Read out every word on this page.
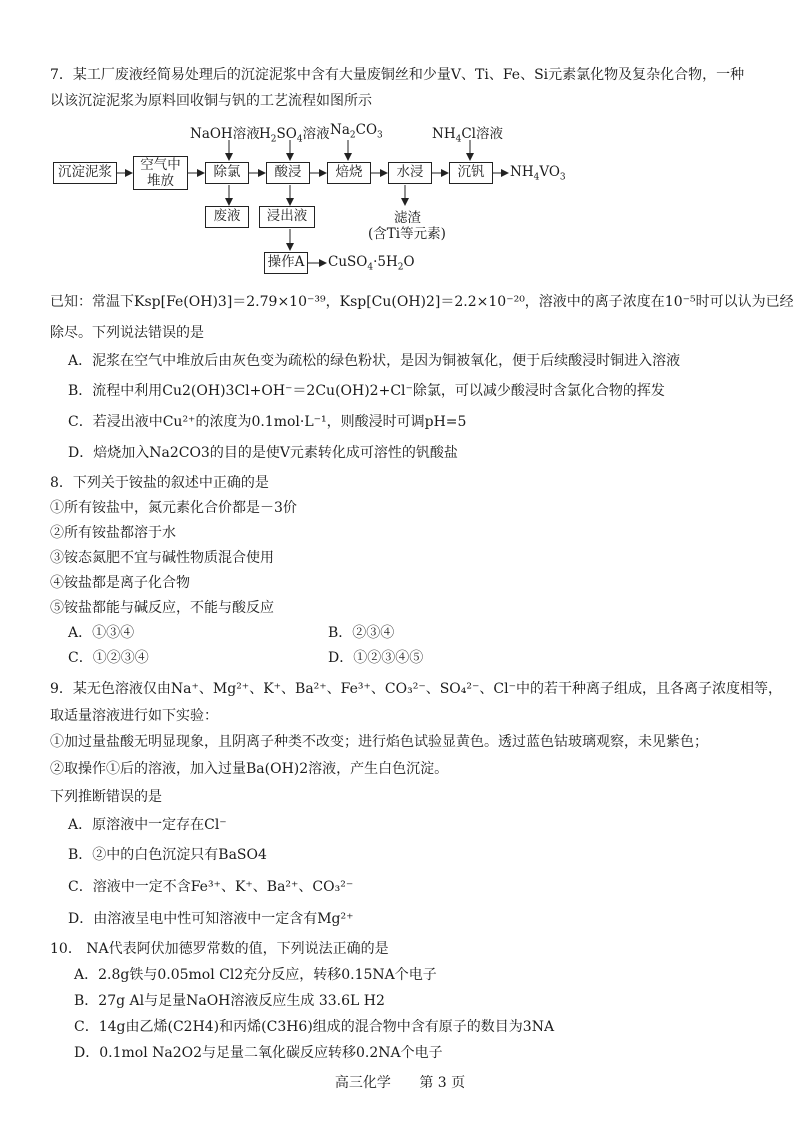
7．某工厂废液经简易处理后的沉淀泥浆中含有大量废铜丝和少量V、Ti、Fe、Si元素氯化物及复杂化合物，一种
以该沉淀泥浆为原料回收铜与钒的工艺流程如图所示
沉淀泥浆	空气中
堆放
除氯	酸浸	焙烧	水浸	沉钒	$NH_4VO_3$
废液	浸出液
操作A $CuSO_4\cdot 5H_2O$
NaOH溶液 $H_2SO_4$溶液 $Na_2CO_3$	$NH_4Cl$溶液
滤渣
(含Ti等元素)
已知：常温下Ksp[Fe(OH)3]＝2.79×10⁻³⁹，Ksp[Cu(OH)2]＝2.2×10⁻²⁰，溶液中的离子浓度在10⁻⁵时可以认为已经
除尽。下列说法错误的是
A．泥浆在空气中堆放后由灰色变为疏松的绿色粉状，是因为铜被氧化，便于后续酸浸时铜进入溶液
B．流程中利用Cu2(OH)3Cl+OH⁻＝2Cu(OH)2+Cl⁻除氯，可以减少酸浸时含氯化合物的挥发
C．若浸出液中Cu²⁺的浓度为0.1mol·L⁻¹，则酸浸时可调pH=5
D．焙烧加入Na2CO3的目的是使V元素转化成可溶性的钒酸盐
8．下列关于铵盐的叙述中正确的是
①所有铵盐中，氮元素化合价都是－3价
②所有铵盐都溶于水
③铵态氮肥不宜与碱性物质混合使用
④铵盐都是离子化合物
⑤铵盐都能与碱反应，不能与酸反应
A．①③④	B．②③④
C．①②③④	D．①②③④⑤
9．某无色溶液仅由Na⁺、Mg²⁺、K⁺、Ba²⁺、Fe³⁺、CO₃²⁻、SO₄²⁻、Cl⁻中的若干种离子组成，且各离子浓度相等，
取适量溶液进行如下实验：
①加过量盐酸无明显现象，且阴离子种类不改变；进行焰色试验显黄色。透过蓝色钴玻璃观察，未见紫色；
②取操作①后的溶液，加入过量Ba(OH)2溶液，产生白色沉淀。
下列推断错误的是
A．原溶液中一定存在Cl⁻
B．②中的白色沉淀只有BaSO4
C．溶液中一定不含Fe³⁺、K⁺、Ba²⁺、CO₃²⁻
D．由溶液呈电中性可知溶液中一定含有Mg²⁺
10． NA代表阿伏加德罗常数的值，下列说法正确的是
A．2.8g铁与0.05mol Cl2充分反应，转移0.15NA个电子
B．27g Al与足量NaOH溶液反应生成 33.6L H2
C．14g由乙烯(C2H4)和丙烯(C3H6)组成的混合物中含有原子的数目为3NA
D．0.1mol Na2O2与足量二氧化碳反应转移0.2NA个电子
高三化学 第 3 页
